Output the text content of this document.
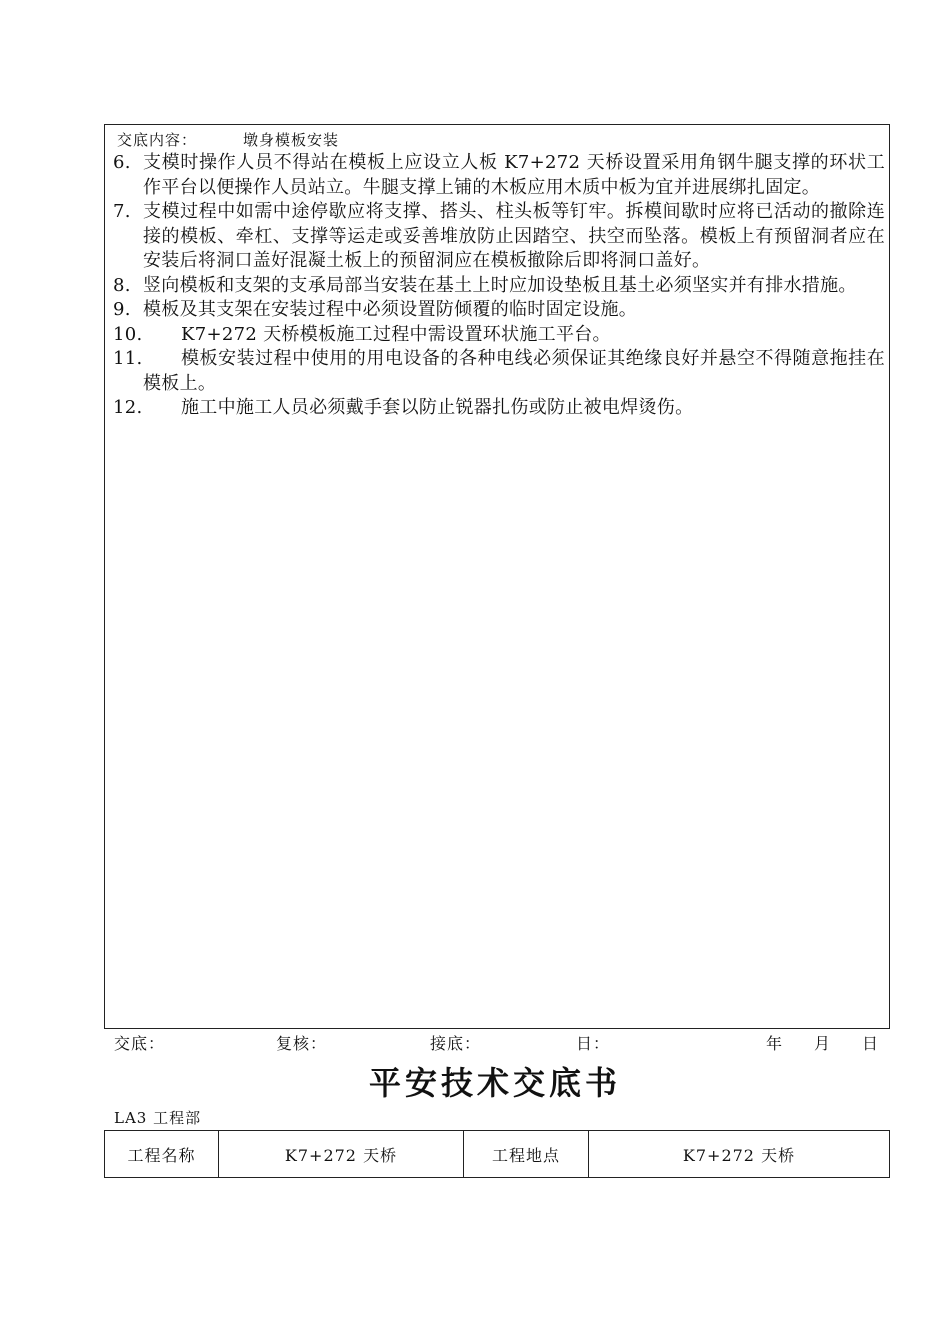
交底内容：	墩身模板安装
6. 支模时操作人员不得站在模板上应设立人板 K7+272 天桥设置采用角钢牛腿支撑的环状工作平台以便操作人员站立。牛腿支撑上铺的木板应用木质中板为宜并进展绑扎固定。
7. 支模过程中如需中途停歇应将支撑、搭头、柱头板等钉牢。拆模间歇时应将已活动的撤除连接的模板、牵杠、支撑等运走或妥善堆放防止因踏空、扶空而坠落。模板上有预留洞者应在安装后将洞口盖好混凝土板上的预留洞应在模板撤除后即将洞口盖好。
8. 竖向模板和支架的支承局部当安装在基土上时应加设垫板且基土必须坚实并有排水措施。
9. 模板及其支架在安装过程中必须设置防倾覆的临时固定设施。
10.	K7+272 天桥模板施工过程中需设置环状施工平台。
11.	模板安装过程中使用的用电设备的各种电线必须保证其绝缘良好并悬空不得随意拖挂在模板上。
12.	施工中施工人员必须戴手套以防止锐器扎伤或防止被电焊烫伤。
交底：	复核：	接底：	日：	年 月 日
平安技术交底书
LA3 工程部
工程名称	K7+272 天桥	工程地点	K7+272 天桥
